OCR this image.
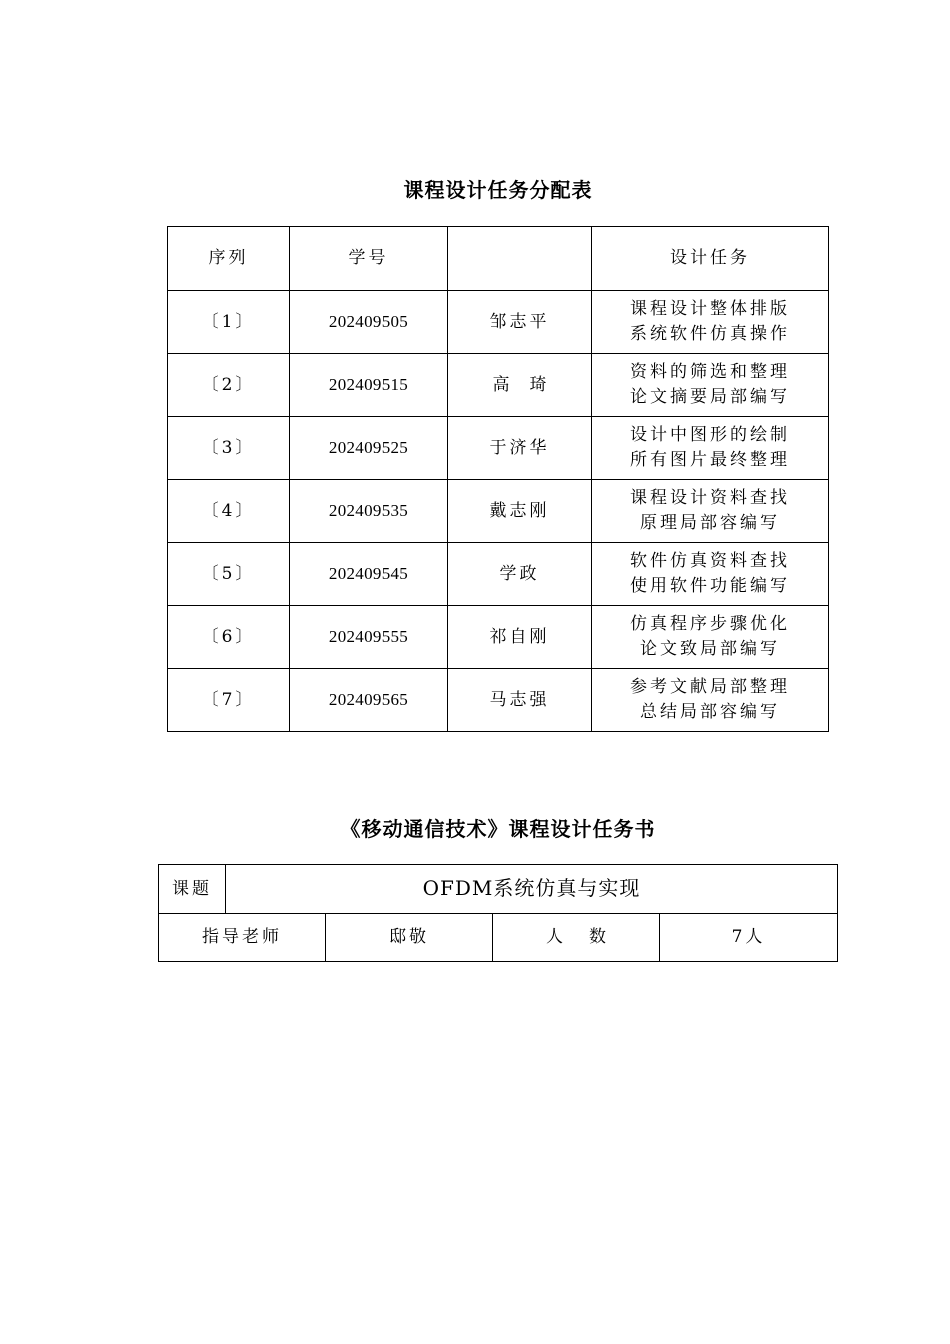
课程设计任务分配表
序列	学号		设计任务
〔1〕	202409505	邹志平	课程设计整体排版
系统软件仿真操作

〔2〕	202409515	高琦	资料的筛选和整理
论文摘要局部编写

〔3〕	202409525	于济华	设计中图形的绘制
所有图片最终整理

〔4〕	202409535	戴志刚	课程设计资料查找
原理局部容编写

〔5〕	202409545	学政	软件仿真资料查找
使用软件功能编写

〔6〕	202409555	祁自刚	仿真程序步骤优化
论文致局部编写

〔7〕	202409565	马志强	参考文献局部整理
总结局部容编写
《移动通信技术》课程设计任务书
课题	OFDM系统仿真与实现			
指导老师		邸敬	人数	7人
